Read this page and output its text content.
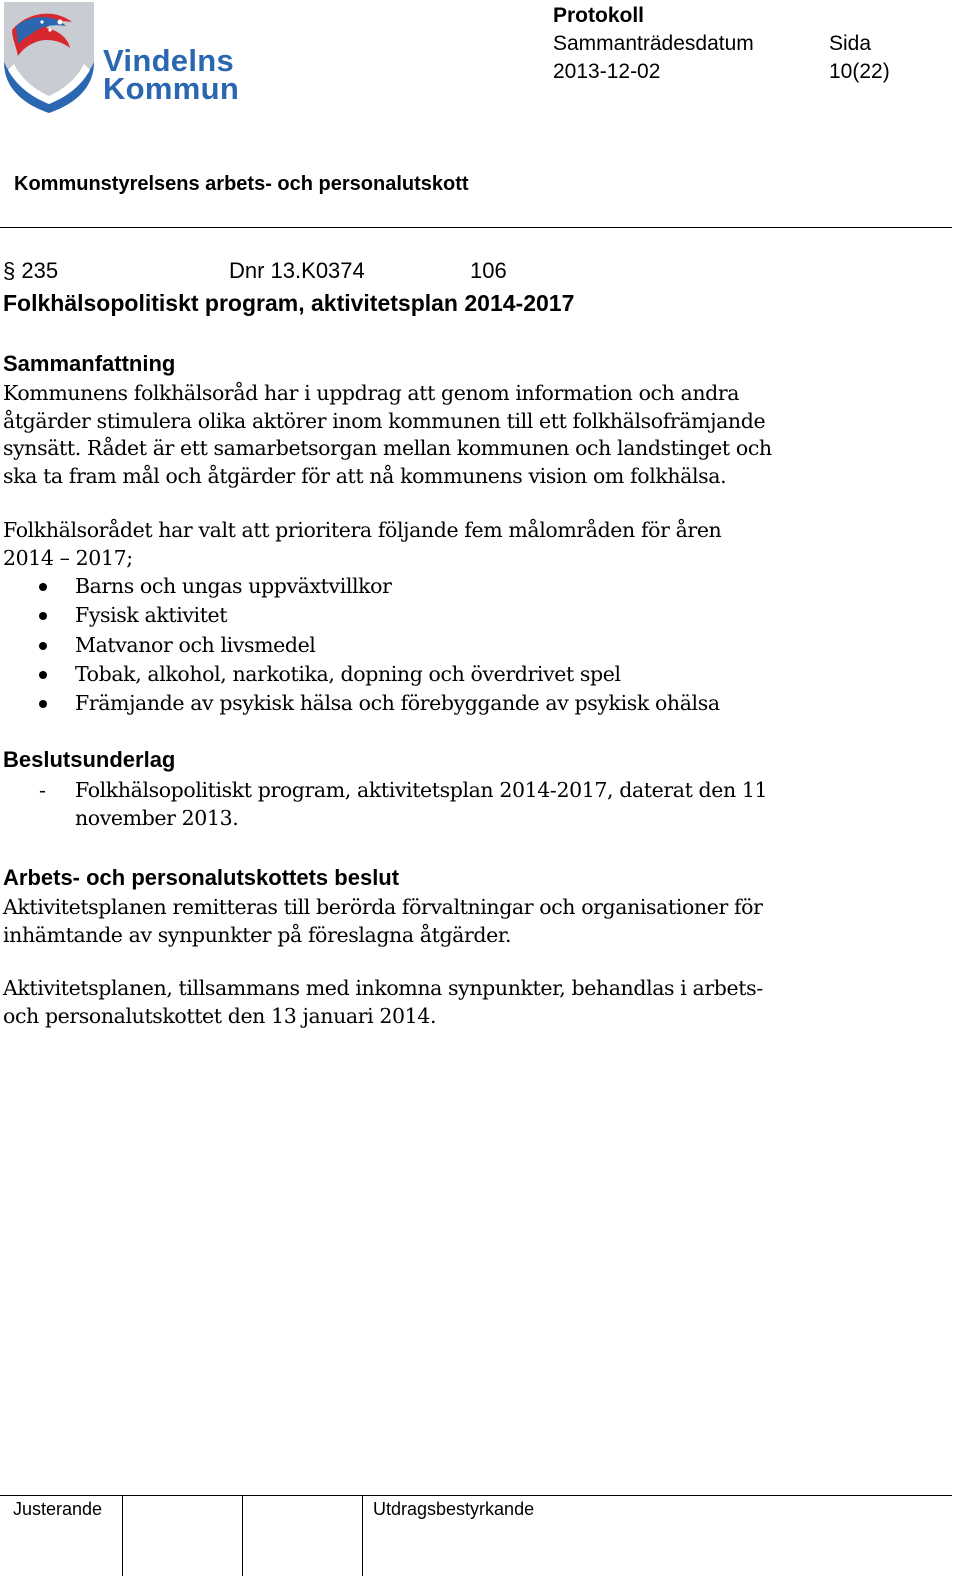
Vindelns
Kommun
Protokoll
Sammanträdesdatum
2013-12-02
Sida
10(22)
Kommunstyrelsens arbets- och personalutskott
§ 235	Dnr 13.K0374	106
Folkhälsopolitiskt program, aktivitetsplan 2014-2017
Sammanfattning
Kommunens folkhälsoråd har i uppdrag att genom information och andra
åtgärder stimulera olika aktörer inom kommunen till ett folkhälsofrämjande
synsätt. Rådet är ett samarbetsorgan mellan kommunen och landstinget och
ska ta fram mål och åtgärder för att nå kommunens vision om folkhälsa.
Folkhälsorådet har valt att prioritera följande fem målområden för åren
2014 – 2017;
Barns och ungas uppväxtvillkor
Fysisk aktivitet
Matvanor och livsmedel
Tobak, alkohol, narkotika, dopning och överdrivet spel
Främjande av psykisk hälsa och förebyggande av psykisk ohälsa
Beslutsunderlag
- Folkhälsopolitiskt program, aktivitetsplan 2014-2017, daterat den 11
november 2013.
Arbets- och personalutskottets beslut
Aktivitetsplanen remitteras till berörda förvaltningar och organisationer för
inhämtande av synpunkter på föreslagna åtgärder.
Aktivitetsplanen, tillsammans med inkomna synpunkter, behandlas i arbets-
och personalutskottet den 13 januari 2014.
Justerande	Utdragsbestyrkande
